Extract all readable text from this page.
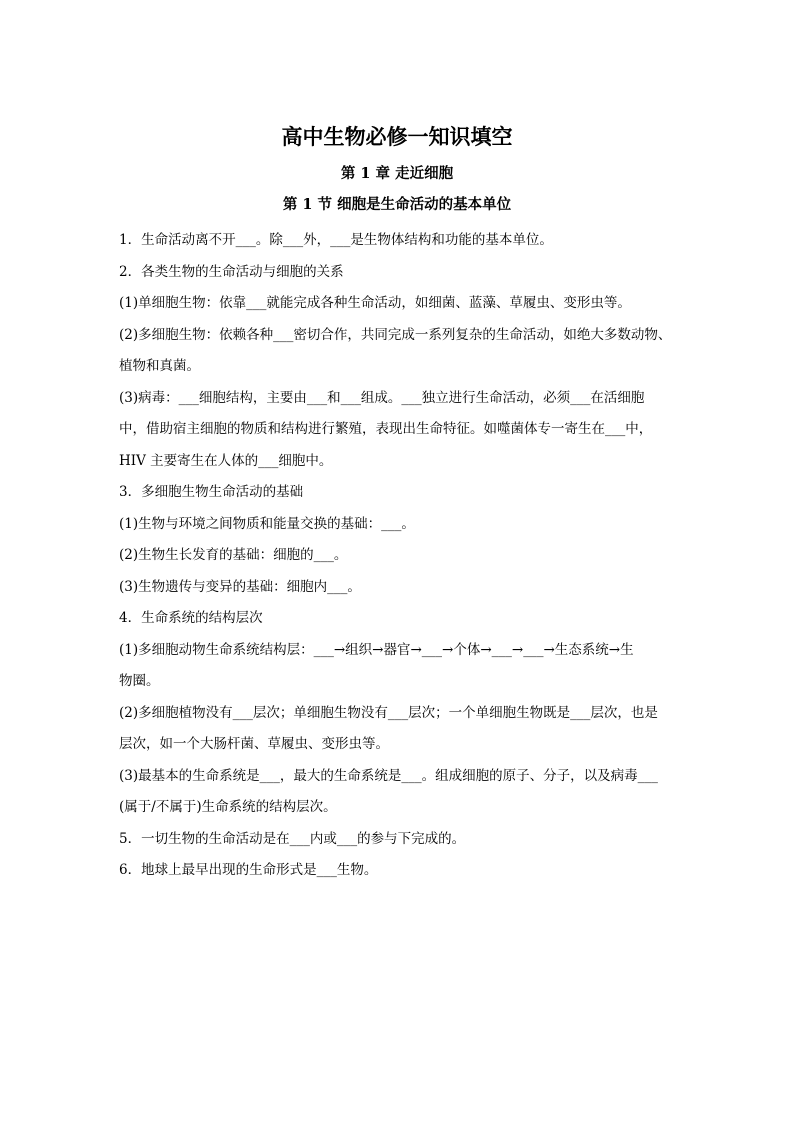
高中生物必修一知识填空
第 1 章 走近细胞
第 1 节 细胞是生命活动的基本单位
1．生命活动离不开___。除___外，___是生物体结构和功能的基本单位。
2．各类生物的生命活动与细胞的关系
(1)单细胞生物：依靠___就能完成各种生命活动，如细菌、蓝藻、草履虫、变形虫等。
(2)多细胞生物：依赖各种___密切合作，共同完成一系列复杂的生命活动，如绝大多数动物、
植物和真菌。
(3)病毒：___细胞结构，主要由___和___组成。___独立进行生命活动，必须___在活细胞
中，借助宿主细胞的物质和结构进行繁殖，表现出生命特征。如噬菌体专一寄生在___中，
HIV 主要寄生在人体的___细胞中。
3．多细胞生物生命活动的基础
(1)生物与环境之间物质和能量交换的基础：___。
(2)生物生长发育的基础：细胞的___。
(3)生物遗传与变异的基础：细胞内___。
4．生命系统的结构层次
(1)多细胞动物生命系统结构层：___→组织→器官→___→个体→___→___→生态系统→生
物圈。
(2)多细胞植物没有___层次；单细胞生物没有___层次；一个单细胞生物既是___层次，也是
层次，如一个大肠杆菌、草履虫、变形虫等。
(3)最基本的生命系统是___，最大的生命系统是___。组成细胞的原子、分子，以及病毒___
(属于/不属于)生命系统的结构层次。
5．一切生物的生命活动是在___内或___的参与下完成的。
6．地球上最早出现的生命形式是___生物。
